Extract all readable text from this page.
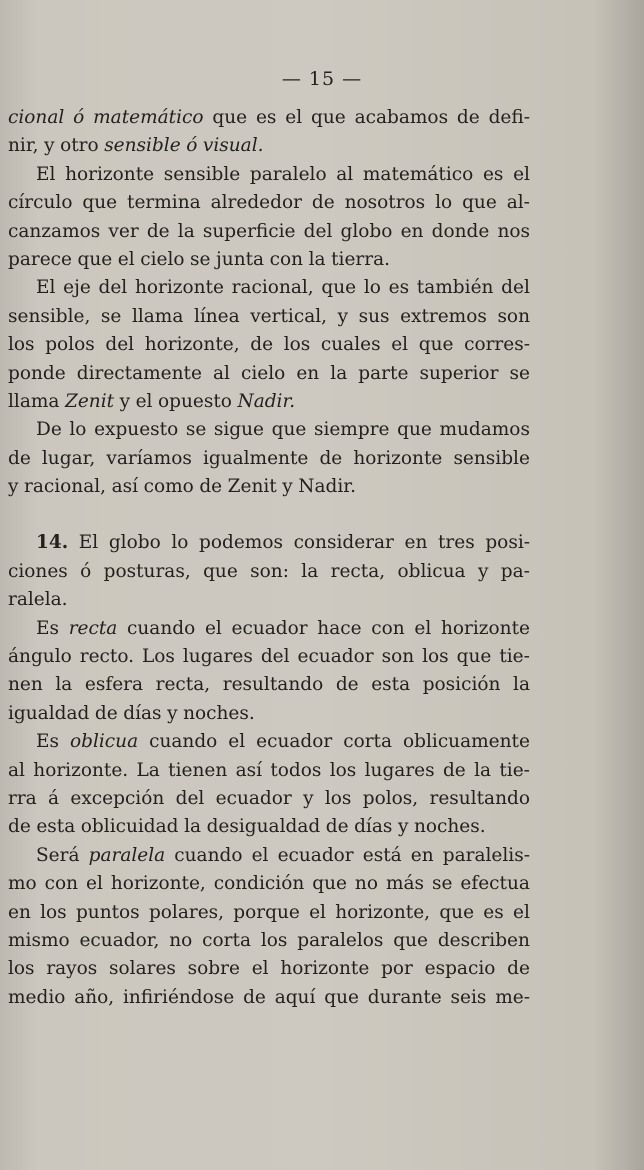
— 15 —
cional ó matemático que es el que acabamos de defi-
nir, y otro sensible ó visual.
El horizonte sensible paralelo al matemático es el
círculo que termina alrededor de nosotros lo que al-
canzamos ver de la superficie del globo en donde nos
parece que el cielo se junta con la tierra.
El eje del horizonte racional, que lo es también del
sensible, se llama línea vertical, y sus extremos son
los polos del horizonte, de los cuales el que corres-
ponde directamente al cielo en la parte superior se
llama Zenit y el opuesto Nadir.
De lo expuesto se sigue que siempre que mudamos
de lugar, varíamos igualmente de horizonte sensible
y racional, así como de Zenit y Nadir.
14. El globo lo podemos considerar en tres posi-
ciones ó posturas, que son: la recta, oblicua y pa-
ralela.
Es recta cuando el ecuador hace con el horizonte
ángulo recto. Los lugares del ecuador son los que tie-
nen la esfera recta, resultando de esta posición la
igualdad de días y noches.
Es oblicua cuando el ecuador corta oblicuamente
al horizonte. La tienen así todos los lugares de la tie-
rra á excepción del ecuador y los polos, resultando
de esta oblicuidad la desigualdad de días y noches.
Será paralela cuando el ecuador está en paralelis-
mo con el horizonte, condición que no más se efectua
en los puntos polares, porque el horizonte, que es el
mismo ecuador, no corta los paralelos que describen
los rayos solares sobre el horizonte por espacio de
medio año, infiriéndose de aquí que durante seis me-
